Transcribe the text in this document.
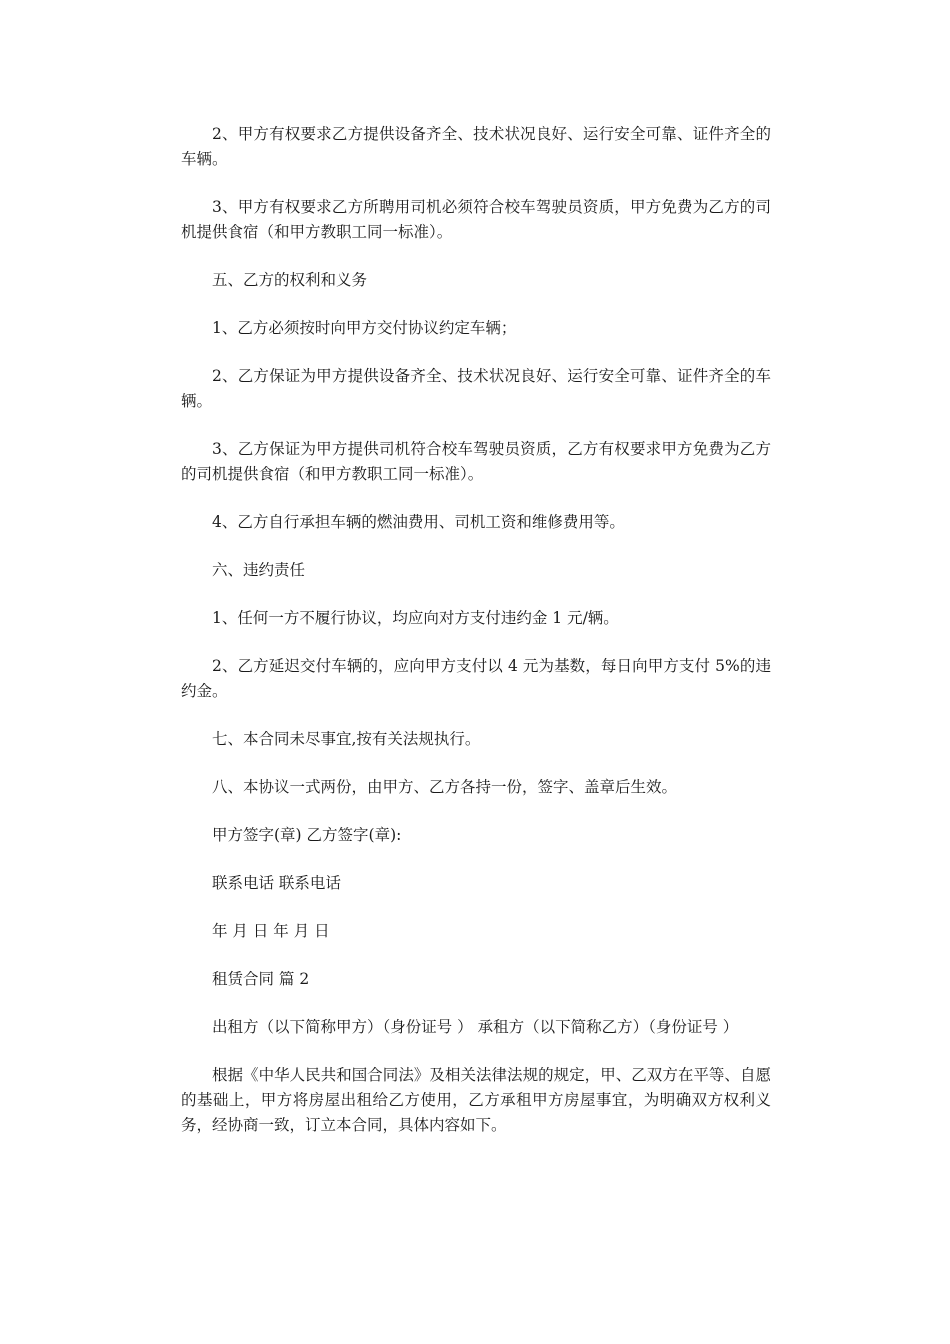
2、甲方有权要求乙方提供设备齐全、技术状况良好、运行安全可靠、证件齐全的车辆。

3、甲方有权要求乙方所聘用司机必须符合校车驾驶员资质，甲方免费为乙方的司机提供食宿（和甲方教职工同一标准）。

五、乙方的权利和义务

1、乙方必须按时向甲方交付协议约定车辆；

2、乙方保证为甲方提供设备齐全、技术状况良好、运行安全可靠、证件齐全的车辆。

3、乙方保证为甲方提供司机符合校车驾驶员资质，乙方有权要求甲方免费为乙方的司机提供食宿（和甲方教职工同一标准）。

4、乙方自行承担车辆的燃油费用、司机工资和维修费用等。

六、违约责任

1、任何一方不履行协议，均应向对方支付违约金 1 元/辆。

2、乙方延迟交付车辆的，应向甲方支付以 4 元为基数，每日向甲方支付 5%的违约金。

七、本合同未尽事宜,按有关法规执行。

八、本协议一式两份，由甲方、乙方各持一份，签字、盖章后生效。

甲方签字(章) 乙方签字(章):

联系电话 联系电话

年 月 日 年 月 日

租赁合同 篇 2

出租方（以下简称甲方）（身份证号 ） 承租方（以下简称乙方）（身份证号 ）

根据《中华人民共和国合同法》及相关法律法规的规定，甲、乙双方在平等、自愿的基础上，甲方将房屋出租给乙方使用，乙方承租甲方房屋事宜，为明确双方权利义务，经协商一致，订立本合同，具体内容如下。
